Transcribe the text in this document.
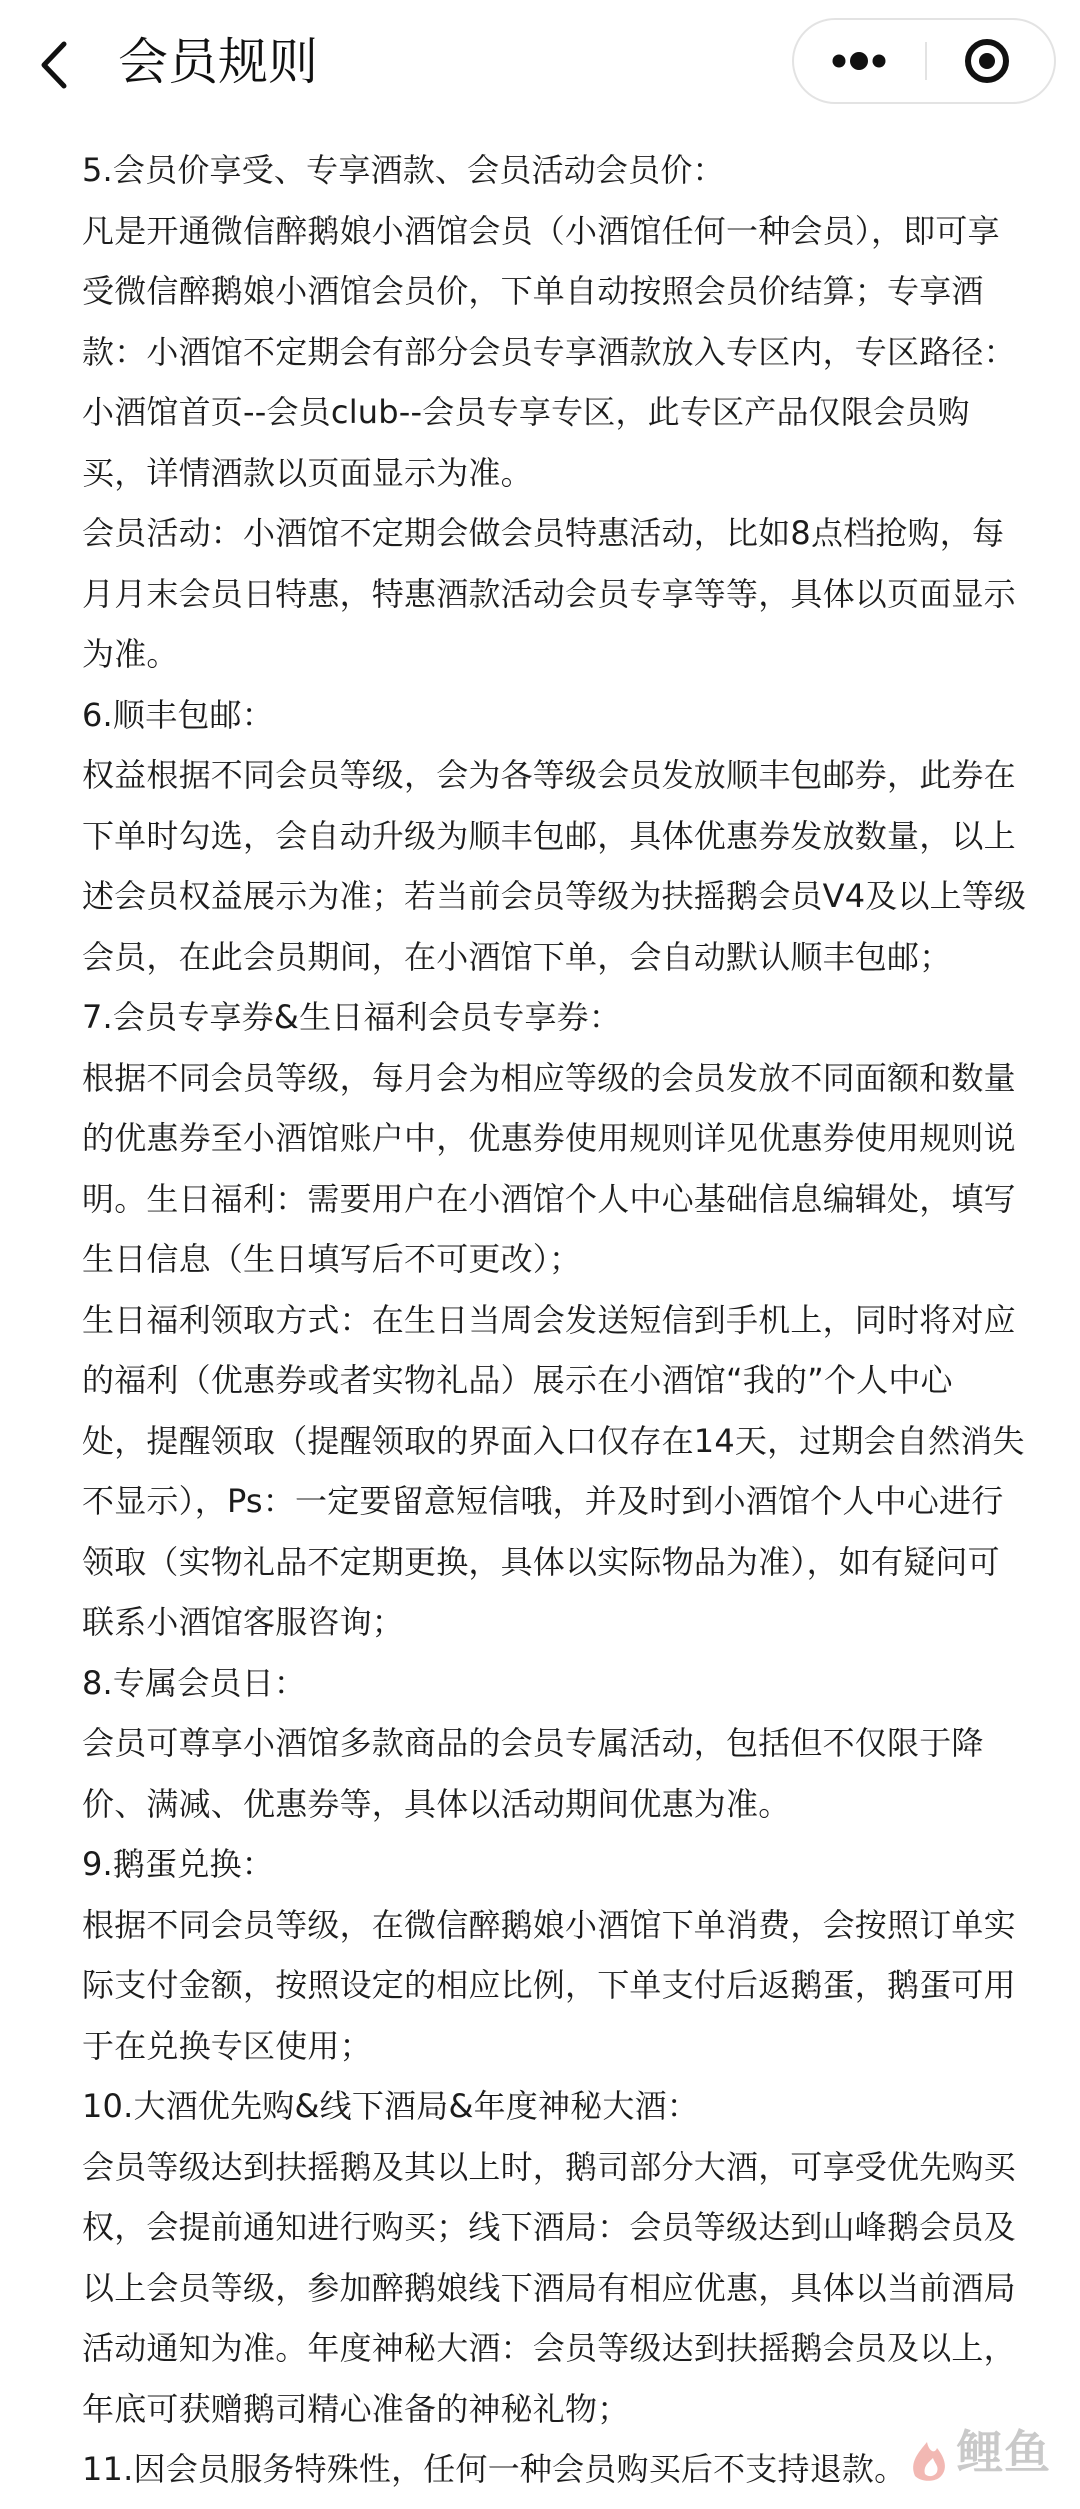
会员规则
5.会员价享受、专享酒款、会员活动会员价：
凡是开通微信醉鹅娘小酒馆会员（小酒馆任何一种会员），即可享
受微信醉鹅娘小酒馆会员价，下单自动按照会员价结算；专享酒
款：小酒馆不定期会有部分会员专享酒款放入专区内，专区路径：
小酒馆首页--会员club--会员专享专区，此专区产品仅限会员购
买，详情酒款以页面显示为准。
会员活动：小酒馆不定期会做会员特惠活动，比如8点档抢购，每
月月末会员日特惠，特惠酒款活动会员专享等等，具体以页面显示
为准。
6.顺丰包邮：
权益根据不同会员等级，会为各等级会员发放顺丰包邮券，此券在
下单时勾选，会自动升级为顺丰包邮，具体优惠券发放数量，以上
述会员权益展示为准；若当前会员等级为扶摇鹅会员V4及以上等级
会员，在此会员期间，在小酒馆下单，会自动默认顺丰包邮；
7.会员专享券&生日福利会员专享券：
根据不同会员等级，每月会为相应等级的会员发放不同面额和数量
的优惠券至小酒馆账户中，优惠券使用规则详见优惠券使用规则说
明。生日福利：需要用户在小酒馆个人中心基础信息编辑处，填写
生日信息（生日填写后不可更改）；
生日福利领取方式：在生日当周会发送短信到手机上，同时将对应
的福利（优惠券或者实物礼品）展示在小酒馆“我的”个人中心
处，提醒领取（提醒领取的界面入口仅存在14天，过期会自然消失
不显示），Ps：一定要留意短信哦，并及时到小酒馆个人中心进行
领取（实物礼品不定期更换，具体以实际物品为准），如有疑问可
联系小酒馆客服咨询；
8.专属会员日：
会员可尊享小酒馆多款商品的会员专属活动，包括但不仅限于降
价、满减、优惠券等，具体以活动期间优惠为准。
9.鹅蛋兑换：
根据不同会员等级，在微信醉鹅娘小酒馆下单消费，会按照订单实
际支付金额，按照设定的相应比例，下单支付后返鹅蛋，鹅蛋可用
于在兑换专区使用；
10.大酒优先购&线下酒局&年度神秘大酒：
会员等级达到扶摇鹅及其以上时，鹅司部分大酒，可享受优先购买
权，会提前通知进行购买；线下酒局：会员等级达到山峰鹅会员及
以上会员等级，参加醉鹅娘线下酒局有相应优惠，具体以当前酒局
活动通知为准。年度神秘大酒：会员等级达到扶摇鹅会员及以上，
年底可获赠鹅司精心准备的神秘礼物；
11.因会员服务特殊性，任何一种会员购买后不支持退款。	鲤鱼
